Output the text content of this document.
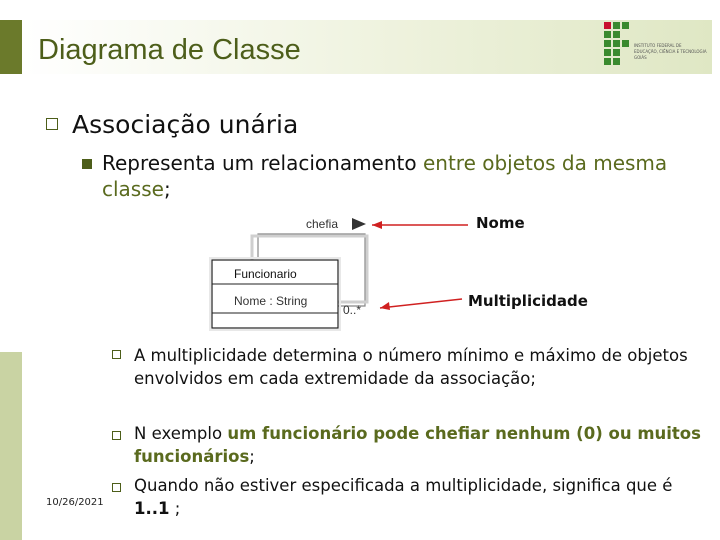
Diagrama de Classe	INSTITUTO FEDERAL DE
EDUCAÇÃO, CIÊNCIA E TECNOLOGIA
GOIÁS
Associação unária
Representa um relacionamento entre objetos da mesma classe;
chefia
Funcionario
Nome : String
0..*
Nome
Multiplicidade
A multiplicidade determina o número mínimo e máximo de objetos envolvidos em cada extremidade da associação;
N exemplo um funcionário pode chefiar nenhum (0) ou muitos funcionários;
Quando não estiver especificada a multiplicidade, significa que é 1..1 ;
10/26/2021
